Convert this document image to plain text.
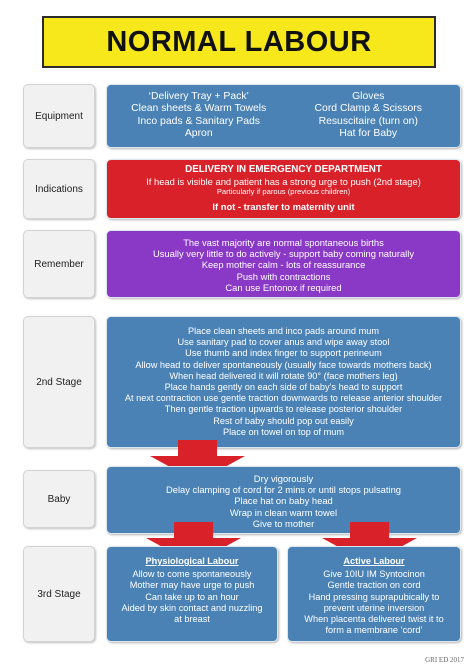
NORMAL LABOUR
Equipment
‘Delivery Tray + Pack’	Gloves
Clean sheets & Warm Towels	Cord Clamp & Scissors
Inco pads & Sanitary Pads	Resuscitaire (turn on)
Apron	Hat for Baby
Indications
DELIVERY IN EMERGENCY DEPARTMENT
If head is visible and patient has a strong urge to push (2nd stage)
Particularly if parous (previous children)
If not - transfer to maternity unit
Remember
The vast majority are normal spontaneous births
Usually very little to do actively - support baby coming naturally
Keep mother calm - lots of reassurance
Push with contractions
Can use Entonox if required
2nd Stage
Place clean sheets and inco pads around mum
Use sanitary pad to cover anus and wipe away stool
Use thumb and index finger to support perineum
Allow head to deliver spontaneously (usually face towards mothers back)
When head delivered it will rotate 90° (face mothers leg)
Place hands gently on each side of baby’s head to support
At next contraction use gentle traction downwards to release anterior shoulder
Then gentle traction upwards to release posterior shoulder
Rest of baby should pop out easily
Place on towel on top of mum
Baby
Dry vigorously
Delay clamping of cord for 2 mins or until stops pulsating
Place hat on baby head
Wrap in clean warm towel
Give to mother
3rd Stage
Physiological Labour
Allow to come spontaneously
Mother may have urge to push
Can take up to an hour
Aided by skin contact and nuzzling
at breast
Active Labour
Give 10IU IM Syntocinon
Gentle traction on cord
Hand pressing suprapubically to
prevent uterine inversion
When placenta delivered twist it to
form a membrane ‘cord’
GRI ED 2017
